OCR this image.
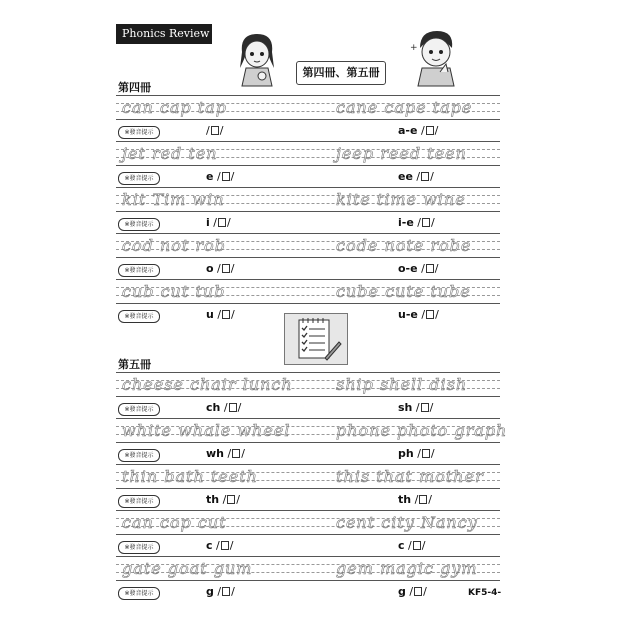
Phonics Review
+
第四冊、第五冊
第四冊
can cap tap	cane cape tape
※發音提示	/ /	a-e / /
jet red ten	jeep reed teen
※發音提示	e / /	ee / /
kit Tim win	kite time wine
※發音提示	i / /	i-e / /
cod not rob	code note robe
※發音提示	o / /	o-e / /
cub cut tub	cube cute tube
※發音提示	u / /	u-e / /
第五冊
cheese chair lunch	ship shell dish
※發音提示	ch / /	sh / /
white whale wheel	phone photo graph
※發音提示	wh / /	ph / /
thin bath teeth	this that mother
※發音提示	th / /	th / /
can cop cut	cent city Nancy
※發音提示	c / /	c / /
gate goat gum	gem magic gym
※發音提示	g / /	g / /	KF5-4-
